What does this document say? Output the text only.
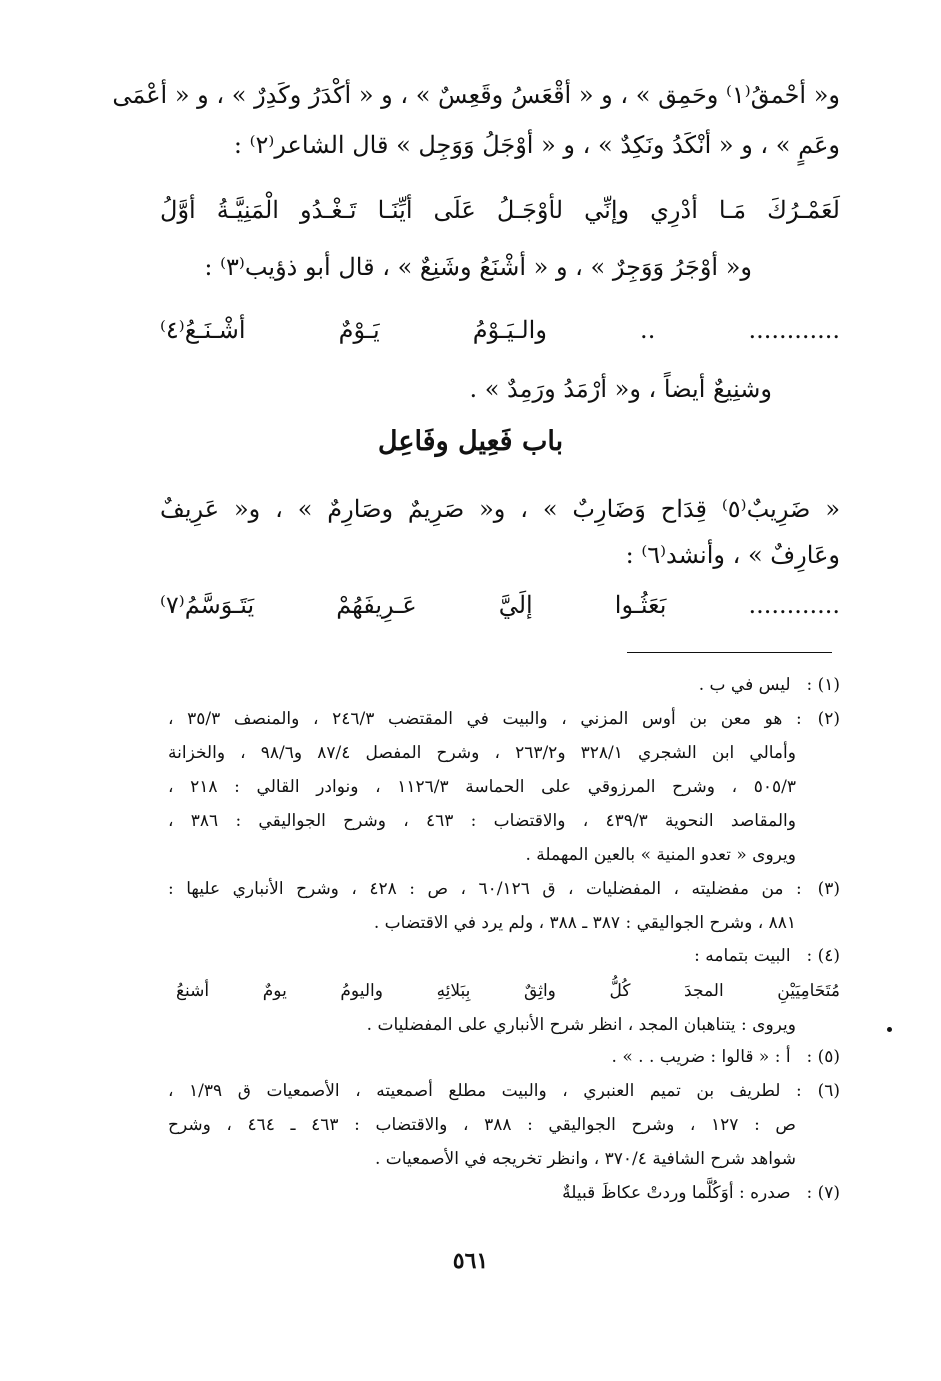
و« أحْمقُ⁽١⁾ وحَمِق » ، و « أقْعَسُ وقَعِسٌ » ، و « أكْدَرُ وكَدِرٌ » ، و « أعْمَى
وعَمٍ » ، و « أنْكَدُ ونَكِدٌ » ، و « أوْجَلُ وَوَجِل » قال الشاعر⁽٢⁾ :
لَعَمْـرُكَ مَـا أدْرِي وإنِّي لأوْجَـلُ عَلَى أيِّنَـا تَـغْـدُو الْمَنِيَّـةُ أوَّلُ
و« أوْجَرُ وَوَجِرٌ » ، و « أشْنَعُ وشَنِعٌ » ، قال أبو ذؤيب⁽٣⁾ :
............ .. والـيَـوْمُ يَـوْمٌ أشْـنَـعُ⁽٤⁾
وشنِيعٌ أيضاً ، و« أرْمَدُ ورَمِدٌ » .
باب فَعِيل وفَاعِل
« ضَرِيبٌ⁽٥⁾ قِدَاح وَضَارِبٌ » ، و« صَرِيمٌ وصَارِمٌ » ، و« عَرِيفٌ
وعَارِفٌ » ، وأنشد⁽٦⁾ :
............ بَعَثُـوا إلَيَّ عَـرِيفَهُمْ يَتَـوَسَّمُ⁽٧⁾
(١) : ليس في ب .
(٢) : هو معن بن أوس المزني ، والبيت في المقتضب ٢٤٦/٣ ، والمنصف ٣٥/٣ ،
وأمالي ابن الشجري ٣٢٨/١ و٢٦٣/٢ ، وشرح المفصل ٨٧/٤ و٩٨/٦ ، والخزانة
٥٠٥/٣ ، وشرح المرزوقي على الحماسة ١١٢٦/٣ ، ونوادر القالي : ٢١٨ ،
والمقاصد النحوية ٤٣٩/٣ ، والاقتضاب : ٤٦٣ ، وشرح الجواليقي : ٣٨٦ ،
ويروى « تعدو المنية » بالعين المهملة .
(٣) : من مفضليته ، المفضليات ، ق ٦٠/١٢٦ ، ص : ٤٢٨ ، وشرح الأنباري عليها :
٨٨١ ، وشرح الجواليقي : ٣٨٧ ـ ٣٨٨ ، ولم يرد في الاقتضاب .
(٤) : البيت بتمامه :
مُتَحَامِيَيْنِ المجدَ كُلُّ واثِقٌ بِبَلائِهِ واليومُ يومٌ أشنعُ
ويروى : يتناهبان المجد ، انظر شرح الأنباري على المفضليات .
(٥) : أ : « قالوا : ضريب . . » .
(٦) : لطريف بن تميم العنبري ، والبيت مطلع أصمعيته ، الأصمعيات ق ١/٣٩ ،
ص : ١٢٧ ، وشرح الجواليقي : ٣٨٨ ، والاقتضاب : ٤٦٣ ـ ٤٦٤ ، وشرح
شواهد شرح الشافية ٣٧٠/٤ ، وانظر تخريجه في الأصمعيات .
(٧) : صدره : أوَكُلَّما وردتْ عكاظَ قبيلةٌ
٥٦١
